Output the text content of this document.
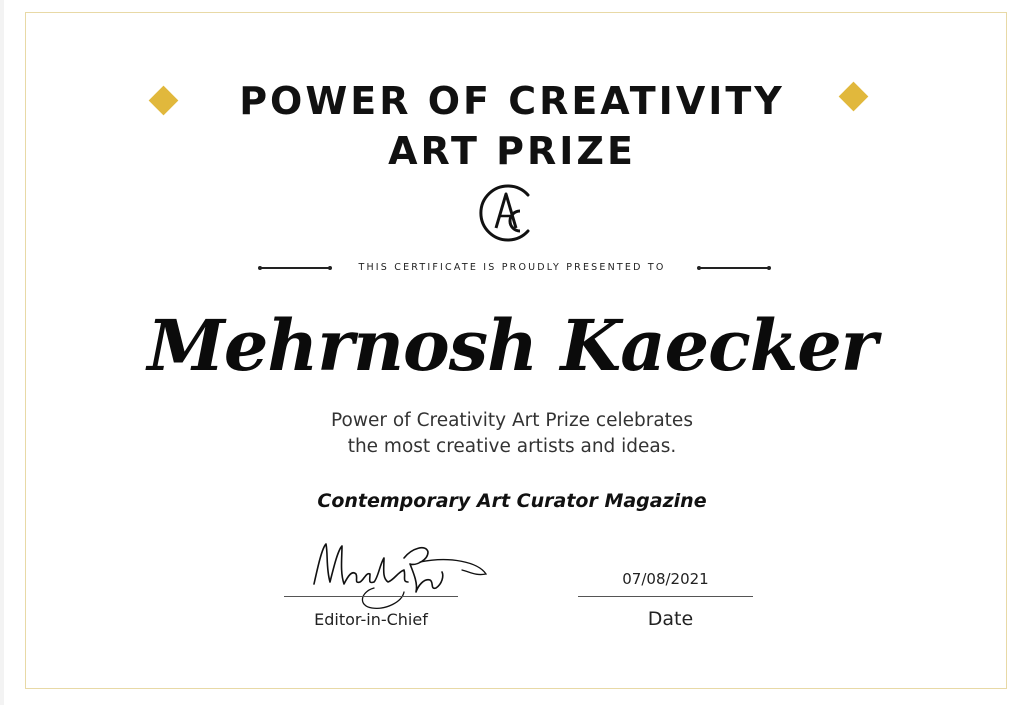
POWER OF CREATIVITY
ART PRIZE
THIS CERTIFICATE IS PROUDLY PRESENTED TO
Mehrnosh Kaecker
Power of Creativity Art Prize celebrates
the most creative artists and ideas.
Contemporary Art Curator Magazine
Editor-in-Chief
07/08/2021
Date
